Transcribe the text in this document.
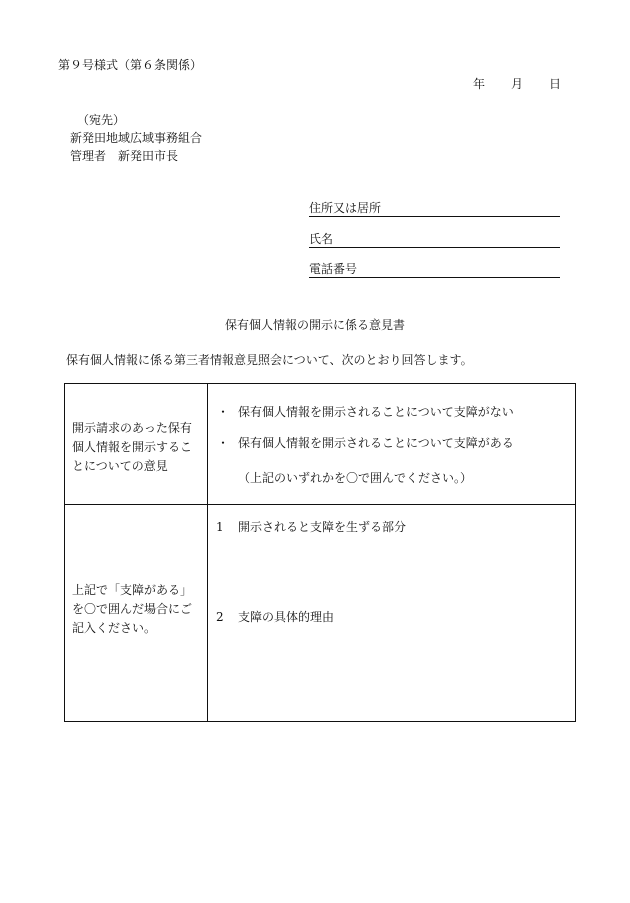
第９号様式（第６条関係）
年 月 日
（宛先）
新発田地域広域事務組合
管理者　新発田市長
住所又は居所
氏名
電話番号
保有個人情報の開示に係る意見書
保有個人情報に係る第三者情報意見照会について、次のとおり回答します。
開示請求のあった保有個人情報を開示することについての意見	・ 保有個人情報を開示されることについて支障がない
・ 保有個人情報を開示されることについて支障がある
（上記のいずれかを〇で囲んでください。）

上記で「支障がある」を〇で囲んだ場合にご記入ください。	1 開示されると支障を生ずる部分
2 支障の具体的理由
